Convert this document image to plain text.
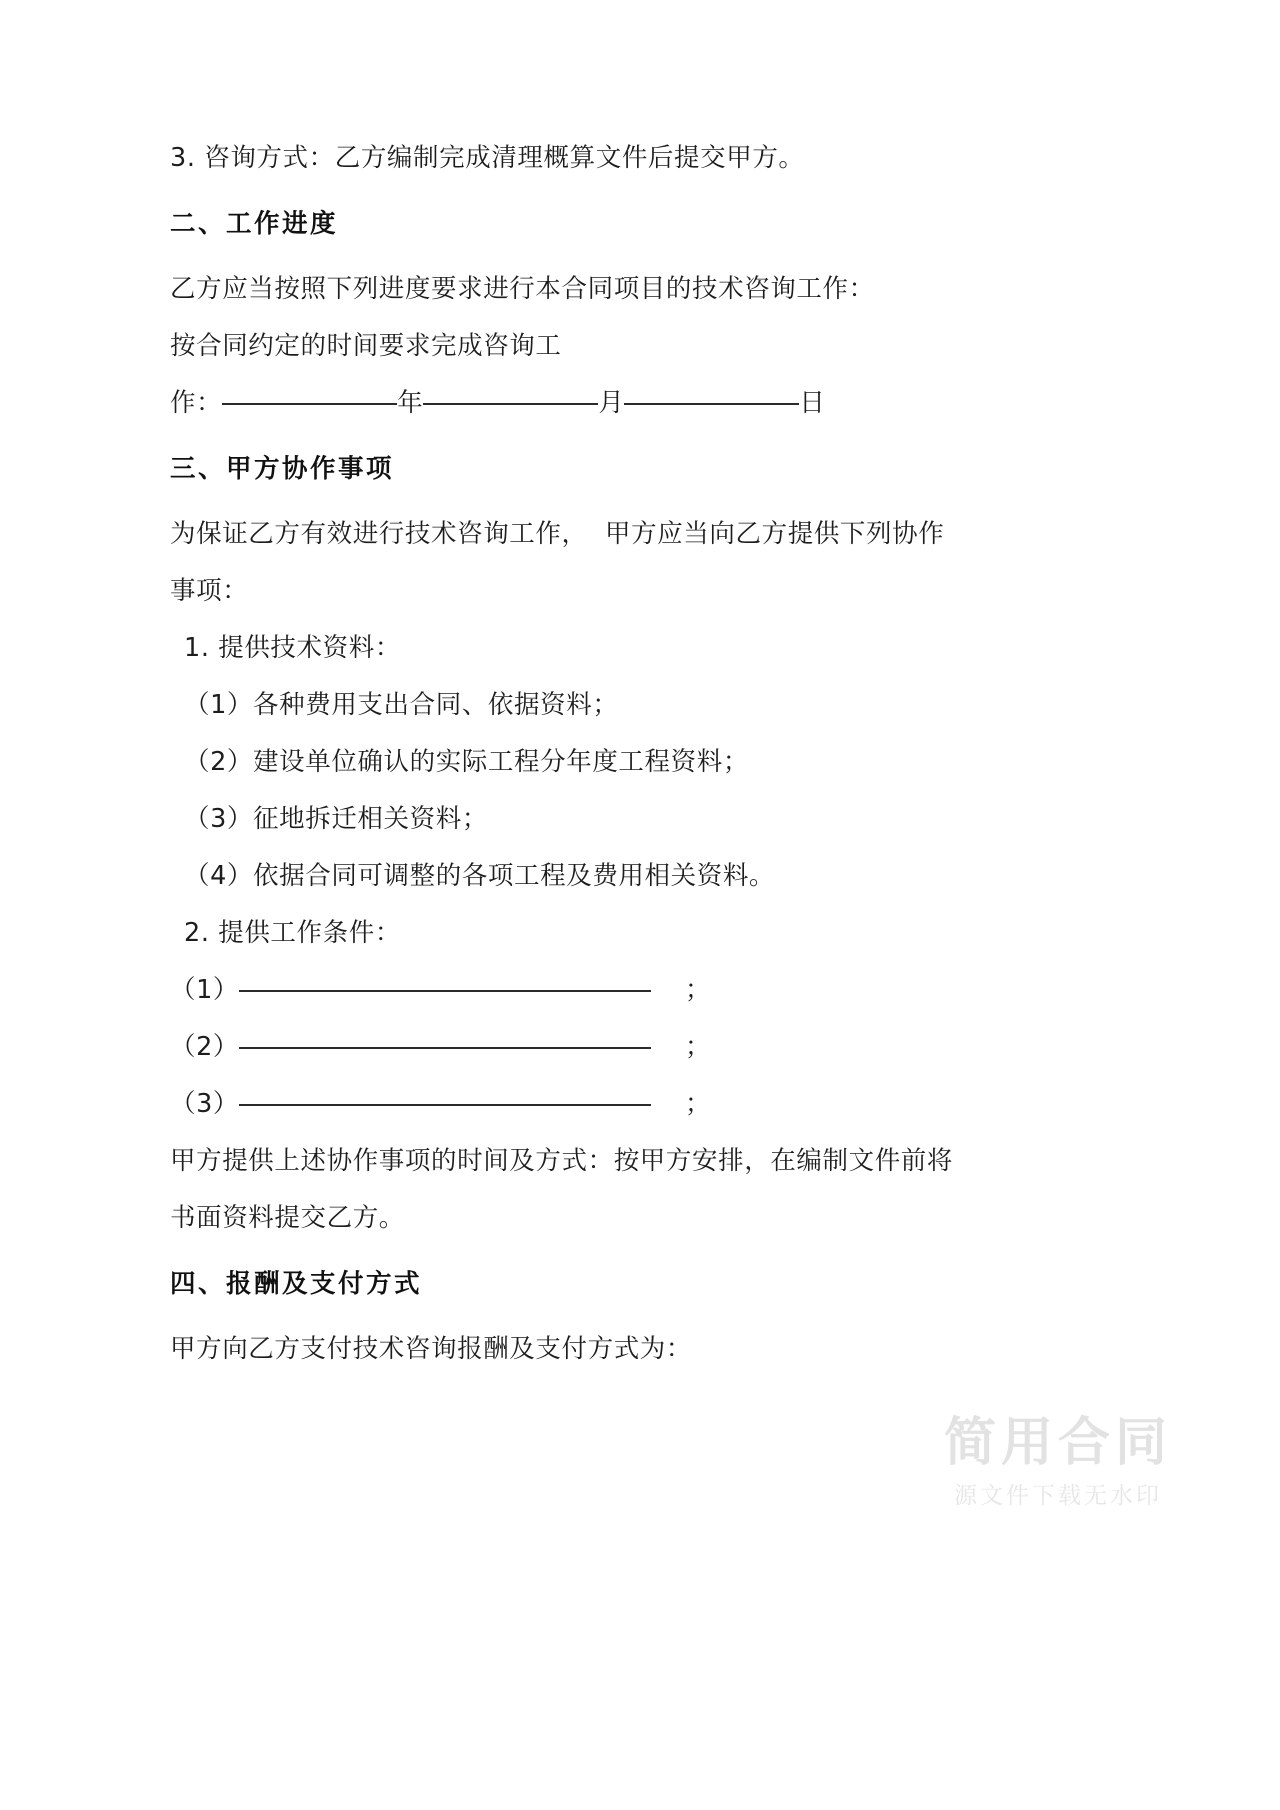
3. 咨询方式：乙方编制完成清理概算文件后提交甲方。

二、工作进度

乙方应当按照下列进度要求进行本合同项目的技术咨询工作：

按合同约定的时间要求完成咨询工

作：	年	月	日
三、甲方协作事项

为保证乙方有效进行技术咨询工作，  甲方应当向乙方提供下列协作

事项：

1. 提供技术资料：

（1）各种费用支出合同、依据资料；

（2）建设单位确认的实际工程分年度工程资料；

（3）征地拆迁相关资料；

（4）依据合同可调整的各项工程及费用相关资料。

2. 提供工作条件：

（1）	；
（2）	；
（3）	；

甲方提供上述协作事项的时间及方式：按甲方安排，在编制文件前将

书面资料提交乙方。

四、报酬及支付方式

甲方向乙方支付技术咨询报酬及支付方式为：

简用合同
源文件下载无水印
